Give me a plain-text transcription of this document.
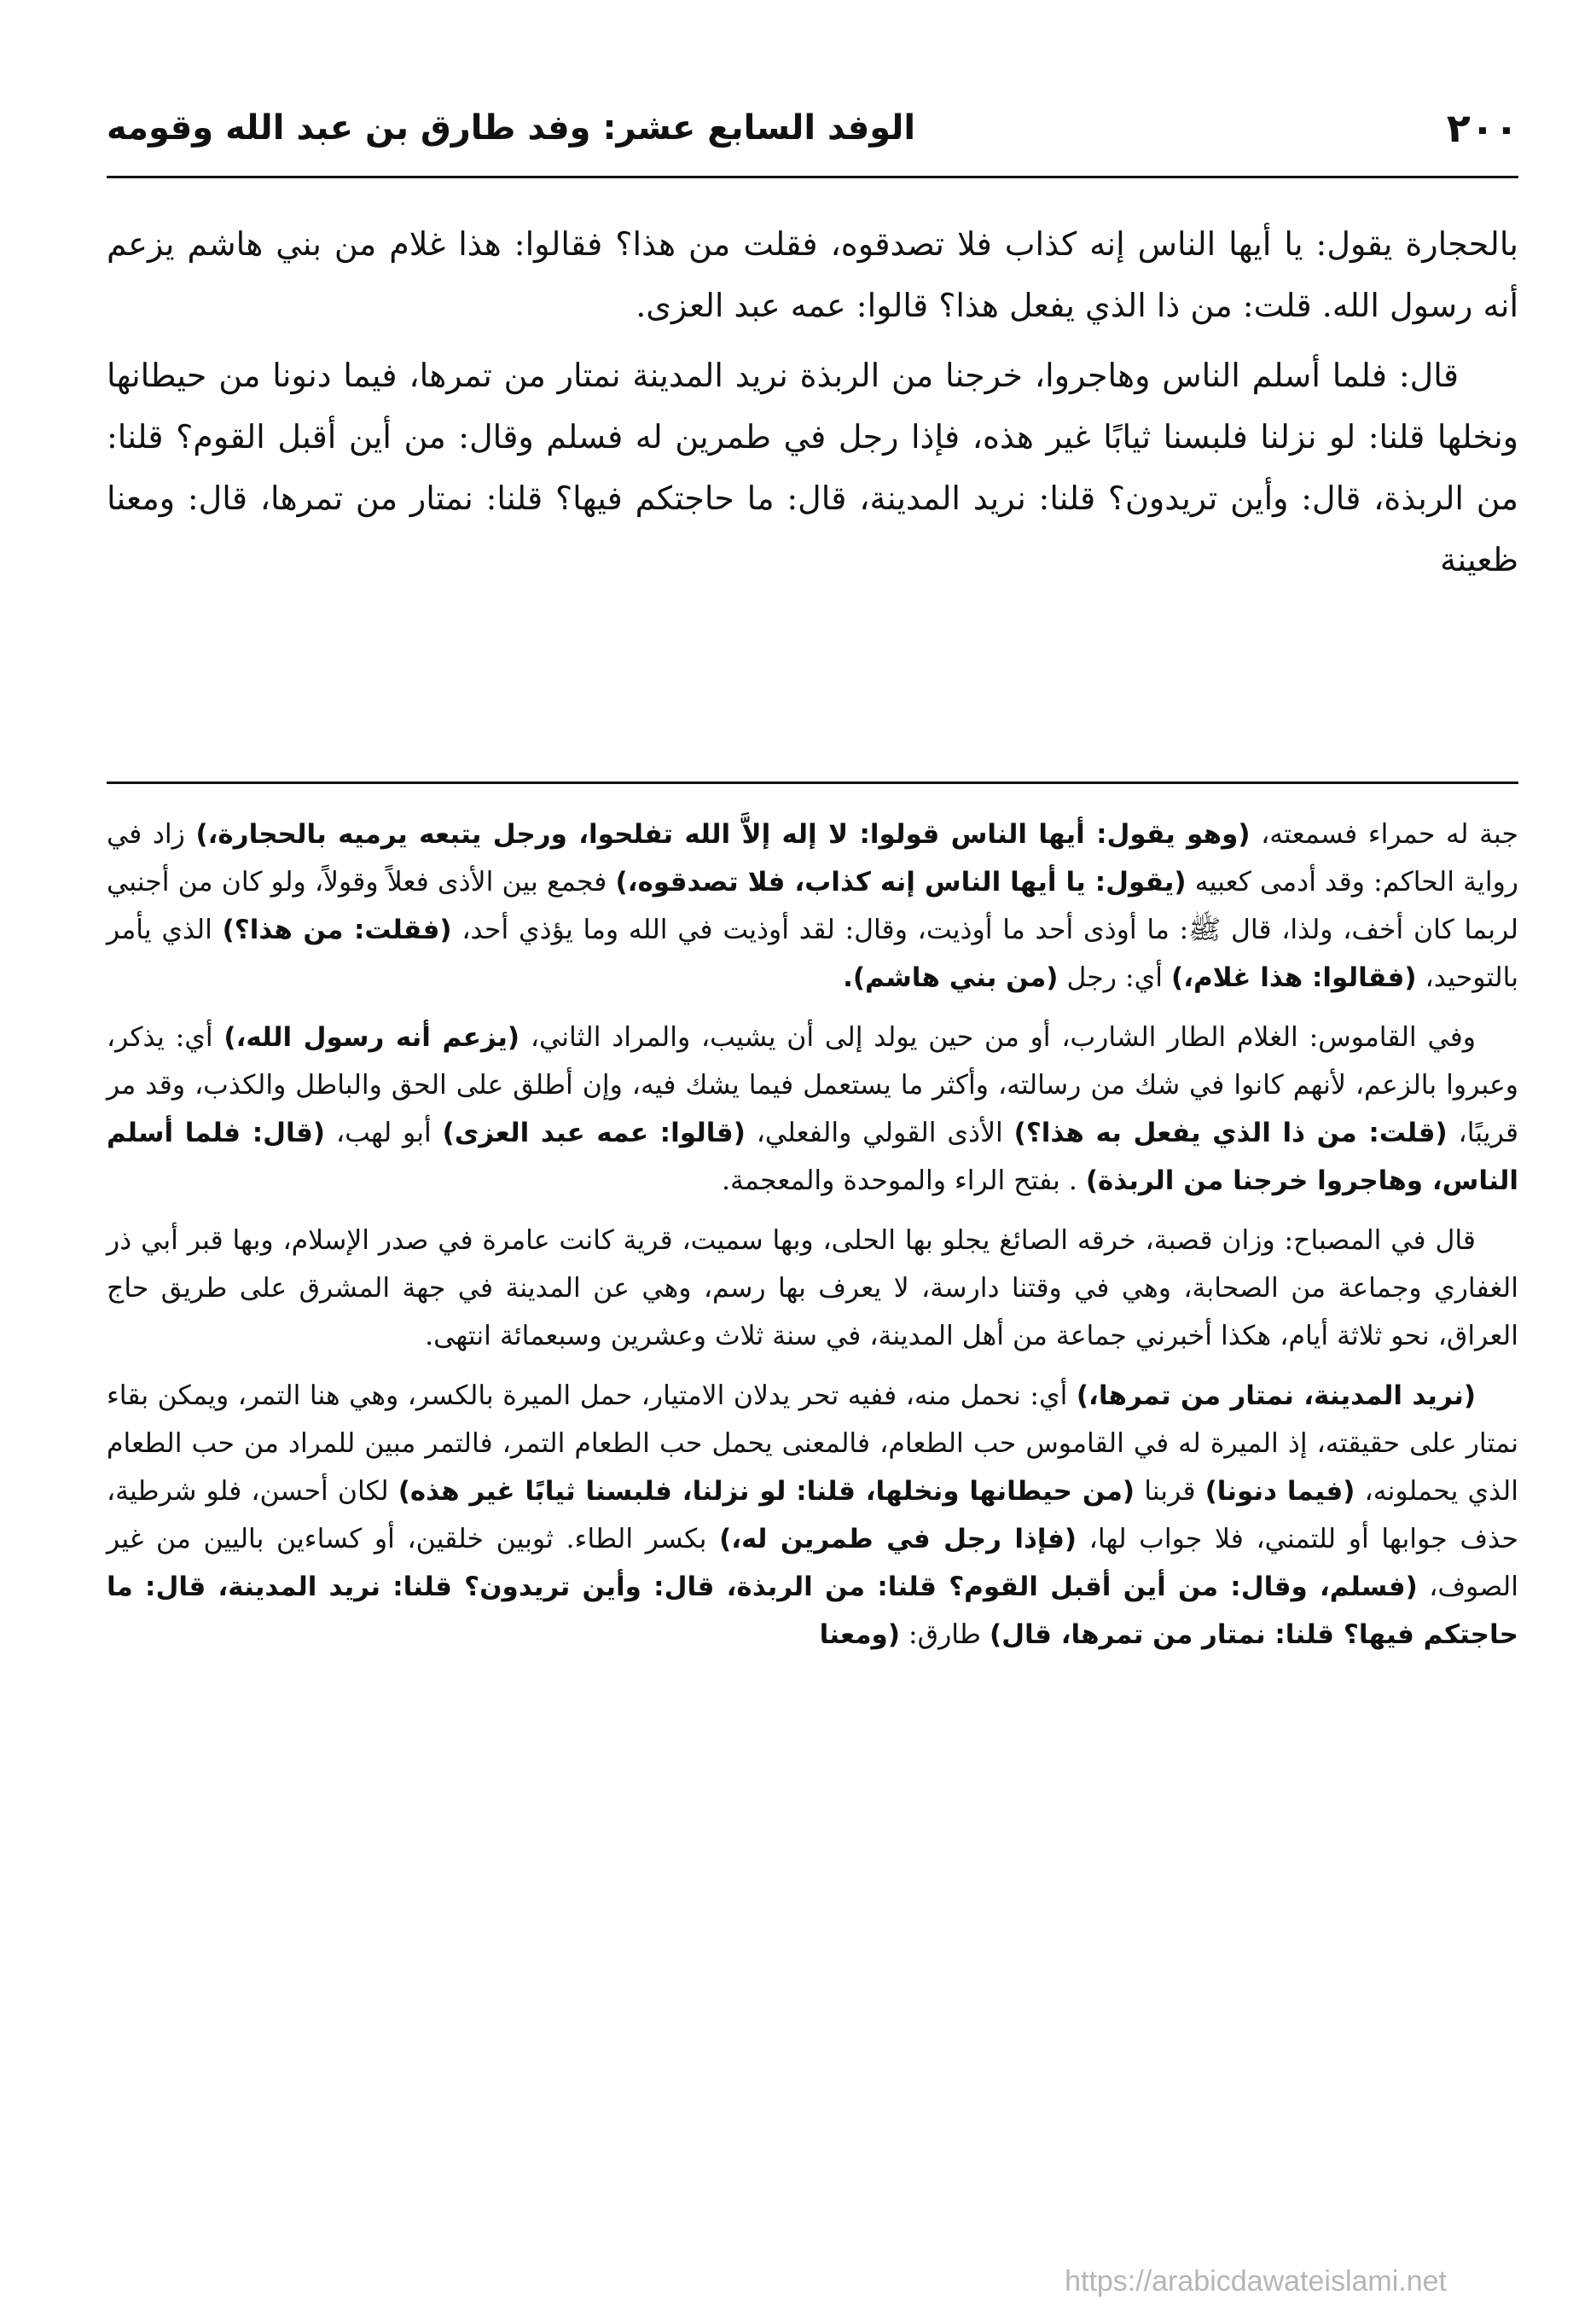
٢٠٠
الوفد السابع عشر: وفد طارق بن عبد الله وقومه

بالحجارة يقول: يا أيها الناس إنه كذاب فلا تصدقوه، فقلت من هذا؟ فقالوا: هذا غلام من بني هاشم يزعم أنه رسول الله. قلت: من ذا الذي يفعل هذا؟ قالوا: عمه عبد العزى.

قال: فلما أسلم الناس وهاجروا، خرجنا من الربذة نريد المدينة نمتار من تمرها، فيما دنونا من حيطانها ونخلها قلنا: لو نزلنا فلبسنا ثيابًا غير هذه، فإذا رجل في طمرين له فسلم وقال: من أين أقبل القوم؟ قلنا: من الربذة، قال: وأين تريدون؟ قلنا: نريد المدينة، قال: ما حاجتكم فيها؟ قلنا: نمتار من تمرها، قال: ومعنا ظعينة

جبة له حمراء فسمعته، (وهو يقول: أيها الناس قولوا: لا إله إلاَّ الله تفلحوا، ورجل يتبعه يرميه بالحجارة،) زاد في رواية الحاكم: وقد أدمى كعبيه (يقول: يا أيها الناس إنه كذاب، فلا تصدقوه،) فجمع بين الأذى فعلاً وقولاً، ولو كان من أجنبي لربما كان أخف، ولذا، قال ﷺ: ما أوذى أحد ما أوذيت، وقال: لقد أوذيت في الله وما يؤذي أحد، (فقلت: من هذا؟) الذي يأمر بالتوحيد، (فقالوا: هذا غلام،) أي: رجل (من بني هاشم).

وفي القاموس: الغلام الطار الشارب، أو من حين يولد إلى أن يشيب، والمراد الثاني، (يزعم أنه رسول الله،) أي: يذكر، وعبروا بالزعم، لأنهم كانوا في شك من رسالته، وأكثر ما يستعمل فيما يشك فيه، وإن أطلق على الحق والباطل والكذب، وقد مر قريبًا، (قلت: من ذا الذي يفعل به هذا؟) الأذى القولي والفعلي، (قالوا: عمه عبد العزى) أبو لهب، (قال: فلما أسلم الناس، وهاجروا خرجنا من الربذة) . بفتح الراء والموحدة والمعجمة.

قال في المصباح: وزان قصبة، خرقه الصائغ يجلو بها الحلى، وبها سميت، قرية كانت عامرة في صدر الإسلام، وبها قبر أبي ذر الغفاري وجماعة من الصحابة، وهي في وقتنا دارسة، لا يعرف بها رسم، وهي عن المدينة في جهة المشرق على طريق حاج العراق، نحو ثلاثة أيام، هكذا أخبرني جماعة من أهل المدينة، في سنة ثلاث وعشرين وسبعمائة انتهى.

(نريد المدينة، نمتار من تمرها،) أي: نحمل منه، ففيه تحر يدلان الامتيار، حمل الميرة بالكسر، وهي هنا التمر، ويمكن بقاء نمتار على حقيقته، إذ الميرة له في القاموس حب الطعام، فالمعنى يحمل حب الطعام التمر، فالتمر مبين للمراد من حب الطعام الذي يحملونه، (فيما دنونا) قربنا (من حيطانها ونخلها، قلنا: لو نزلنا، فلبسنا ثيابًا غير هذه) لكان أحسن، فلو شرطية، حذف جوابها أو للتمني، فلا جواب لها، (فإذا رجل في طمرين له،) بكسر الطاء. ثوبين خلقين، أو كساءين باليين من غير الصوف، (فسلم، وقال: من أين أقبل القوم؟ قلنا: من الربذة، قال: وأين تريدون؟ قلنا: نريد المدينة، قال: ما حاجتكم فيها؟ قلنا: نمتار من تمرها، قال) طارق: (ومعنا

https://arabicdawateislami.net
